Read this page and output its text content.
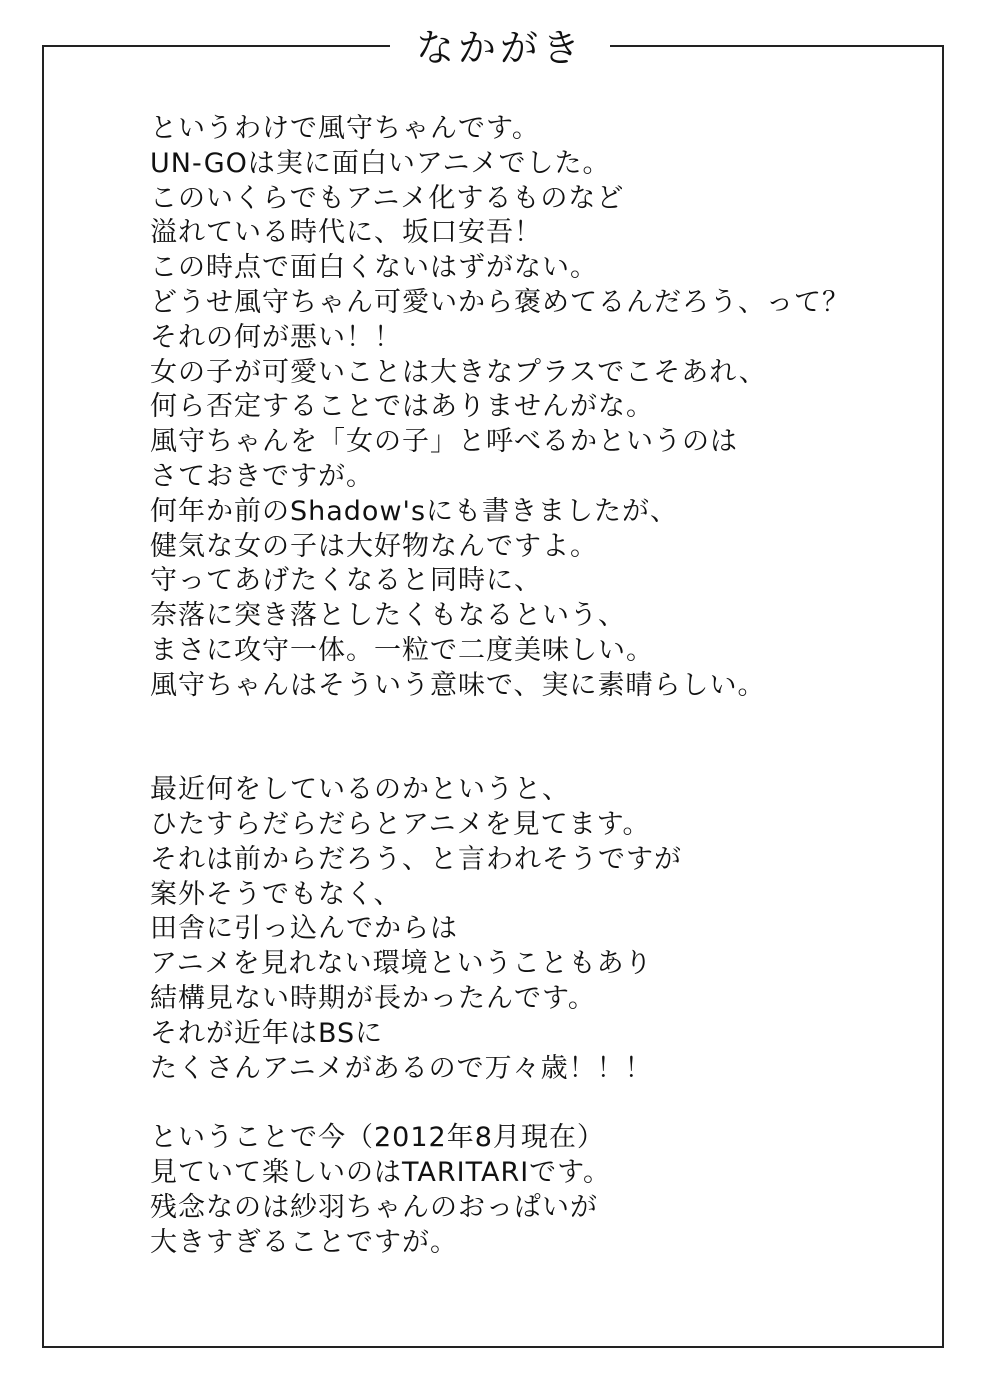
なかがき
というわけで風守ちゃんです。
UN-GOは実に面白いアニメでした。
このいくらでもアニメ化するものなど
溢れている時代に、坂口安吾！
この時点で面白くないはずがない。
どうせ風守ちゃん可愛いから褒めてるんだろう、って？
それの何が悪い！！
女の子が可愛いことは大きなプラスでこそあれ、
何ら否定することではありませんがな。
風守ちゃんを「女の子」と呼べるかというのは
さておきですが。
何年か前のShadow'sにも書きましたが、
健気な女の子は大好物なんですよ。
守ってあげたくなると同時に、
奈落に突き落としたくもなるという、
まさに攻守一体。一粒で二度美味しい。
風守ちゃんはそういう意味で、実に素晴らしい。
最近何をしているのかというと、
ひたすらだらだらとアニメを見てます。
それは前からだろう、と言われそうですが
案外そうでもなく、
田舎に引っ込んでからは
アニメを見れない環境ということもあり
結構見ない時期が長かったんです。
それが近年はBSに
たくさんアニメがあるので万々歳！！！
ということで今（2012年8月現在）
見ていて楽しいのはTARITARIです。
残念なのは紗羽ちゃんのおっぱいが
大きすぎることですが。
